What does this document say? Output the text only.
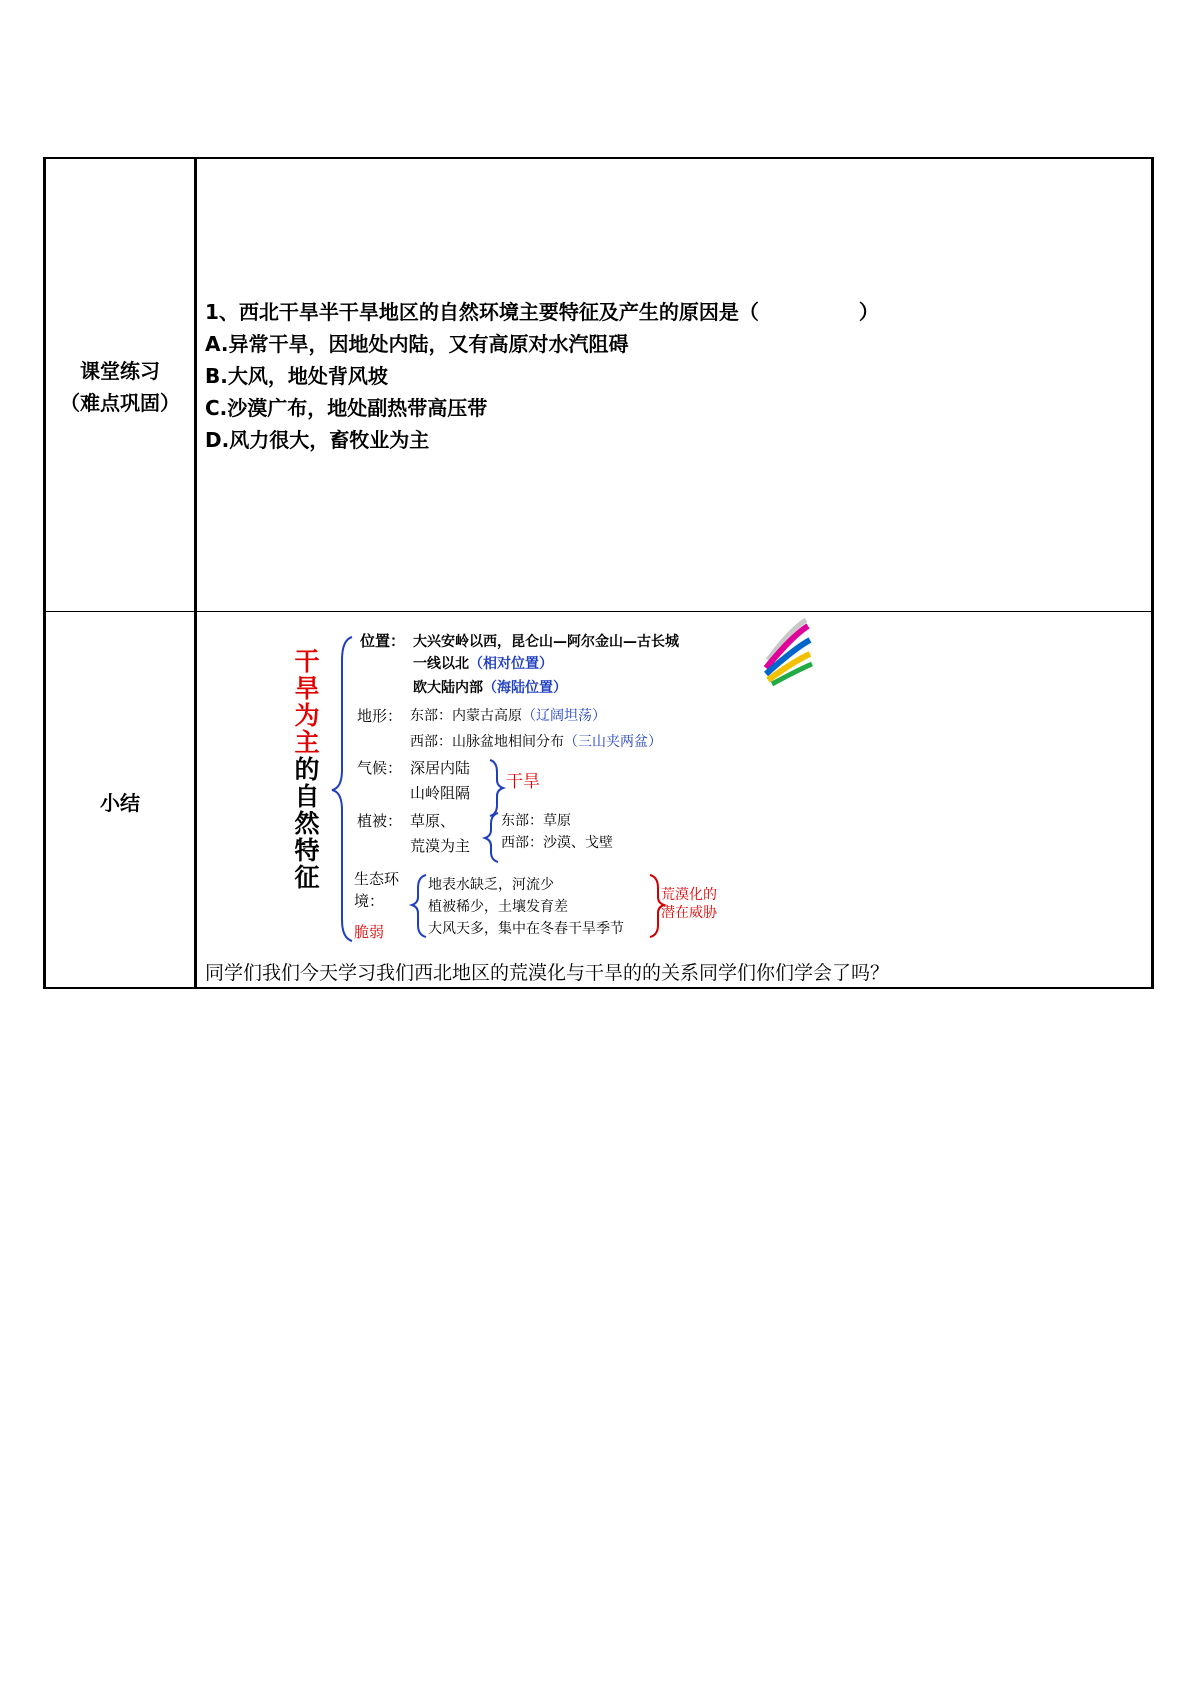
课堂练习
（难点巩固）
小结
1、西北干旱半干旱地区的自然环境主要特征及产生的原因是（　　　　　）
A.异常干旱，因地处内陆，又有高原对水汽阻碍
B.大风，地处背风坡
C.沙漠广布，地处副热带高压带
D.风力很大，畜牧业为主
干
旱
为
主
的
自
然
特
征
位置： 大兴安岭以西，昆仑山—阿尔金山—古长城
一线以北（相对位置）
欧大陆内部（海陆位置）
地形： 东部：内蒙古高原（辽阔坦荡）
西部：山脉盆地相间分布（三山夹两盆）
气候： 深居内陆
山岭阻隔
干旱
植被： 草原、
荒漠为主
东部：草原
西部：沙漠、戈壁
生态环
境：
脆弱
地表水缺乏，河流少
植被稀少，土壤发育差
大风天多，集中在冬春干旱季节
荒漠化的
潜在威胁
同学们我们今天学习我们西北地区的荒漠化与干旱的的关系同学们你们学会了吗？
